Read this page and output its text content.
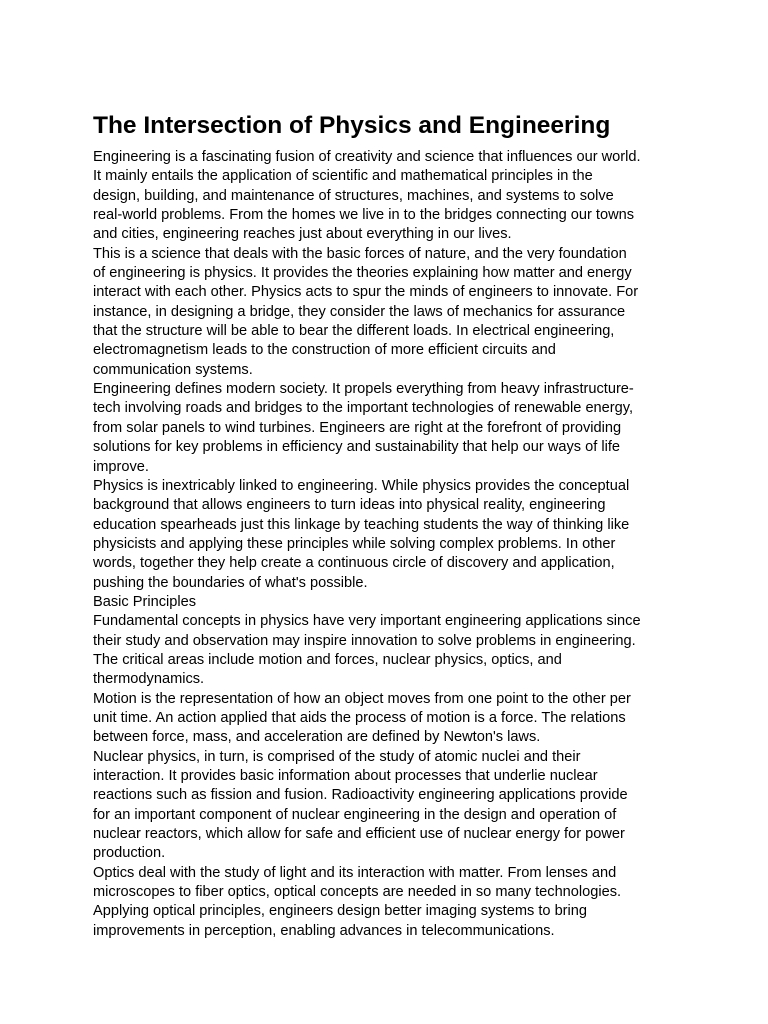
The Intersection of Physics and Engineering

Engineering is a fascinating fusion of creativity and science that influences our world.
It mainly entails the application of scientific and mathematical principles in the
design, building, and maintenance of structures, machines, and systems to solve
real-world problems. From the homes we live in to the bridges connecting our towns
and cities, engineering reaches just about everything in our lives.

This is a science that deals with the basic forces of nature, and the very foundation
of engineering is physics. It provides the theories explaining how matter and energy
interact with each other. Physics acts to spur the minds of engineers to innovate. For
instance, in designing a bridge, they consider the laws of mechanics for assurance
that the structure will be able to bear the different loads. In electrical engineering,
electromagnetism leads to the construction of more efficient circuits and
communication systems.

Engineering defines modern society. It propels everything from heavy infrastructure-
tech involving roads and bridges to the important technologies of renewable energy,
from solar panels to wind turbines. Engineers are right at the forefront of providing
solutions for key problems in efficiency and sustainability that help our ways of life
improve.

Physics is inextricably linked to engineering. While physics provides the conceptual
background that allows engineers to turn ideas into physical reality, engineering
education spearheads just this linkage by teaching students the way of thinking like
physicists and applying these principles while solving complex problems. In other
words, together they help create a continuous circle of discovery and application,
pushing the boundaries of what's possible.

Basic Principles

Fundamental concepts in physics have very important engineering applications since
their study and observation may inspire innovation to solve problems in engineering.
The critical areas include motion and forces, nuclear physics, optics, and
thermodynamics.

Motion is the representation of how an object moves from one point to the other per
unit time. An action applied that aids the process of motion is a force. The relations
between force, mass, and acceleration are defined by Newton's laws.

Nuclear physics, in turn, is comprised of the study of atomic nuclei and their
interaction. It provides basic information about processes that underlie nuclear
reactions such as fission and fusion. Radioactivity engineering applications provide
for an important component of nuclear engineering in the design and operation of
nuclear reactors, which allow for safe and efficient use of nuclear energy for power
production.

Optics deal with the study of light and its interaction with matter. From lenses and
microscopes to fiber optics, optical concepts are needed in so many technologies.
Applying optical principles, engineers design better imaging systems to bring
improvements in perception, enabling advances in telecommunications.
